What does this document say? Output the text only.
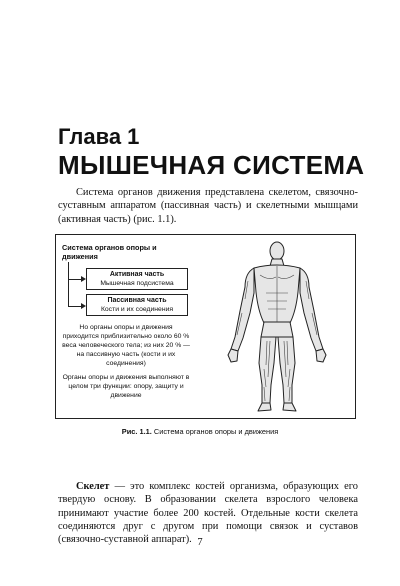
Глава 1
МЫШЕЧНАЯ СИСТЕМА

Система органов движения представлена скелетом, связочно-суставным аппаратом (пассивная часть) и скелетными мышцами (активная часть) (рис. 1.1).

Система органов опоры и движения

Активная часть
Мышечная подсистема
Пассивная часть
Кости и их соединения

Но органы опоры и движения приходится приблизительно около 60 % веса человеческого тела; из них 20 % — на пассивную часть (кости и их соединения)

Органы опоры и движения выполняют в целом три функции: опору, защиту и движение

Рис. 1.1. Система органов опоры и движения

Скелет — это комплекс костей организма, образующих его твердую основу. В образовании скелета взрослого человека принимают участие более 200 костей. Отдельные кости скелета соединяются друг с другом при помощи связок и суставов (связочно-суставной аппарат). 7
